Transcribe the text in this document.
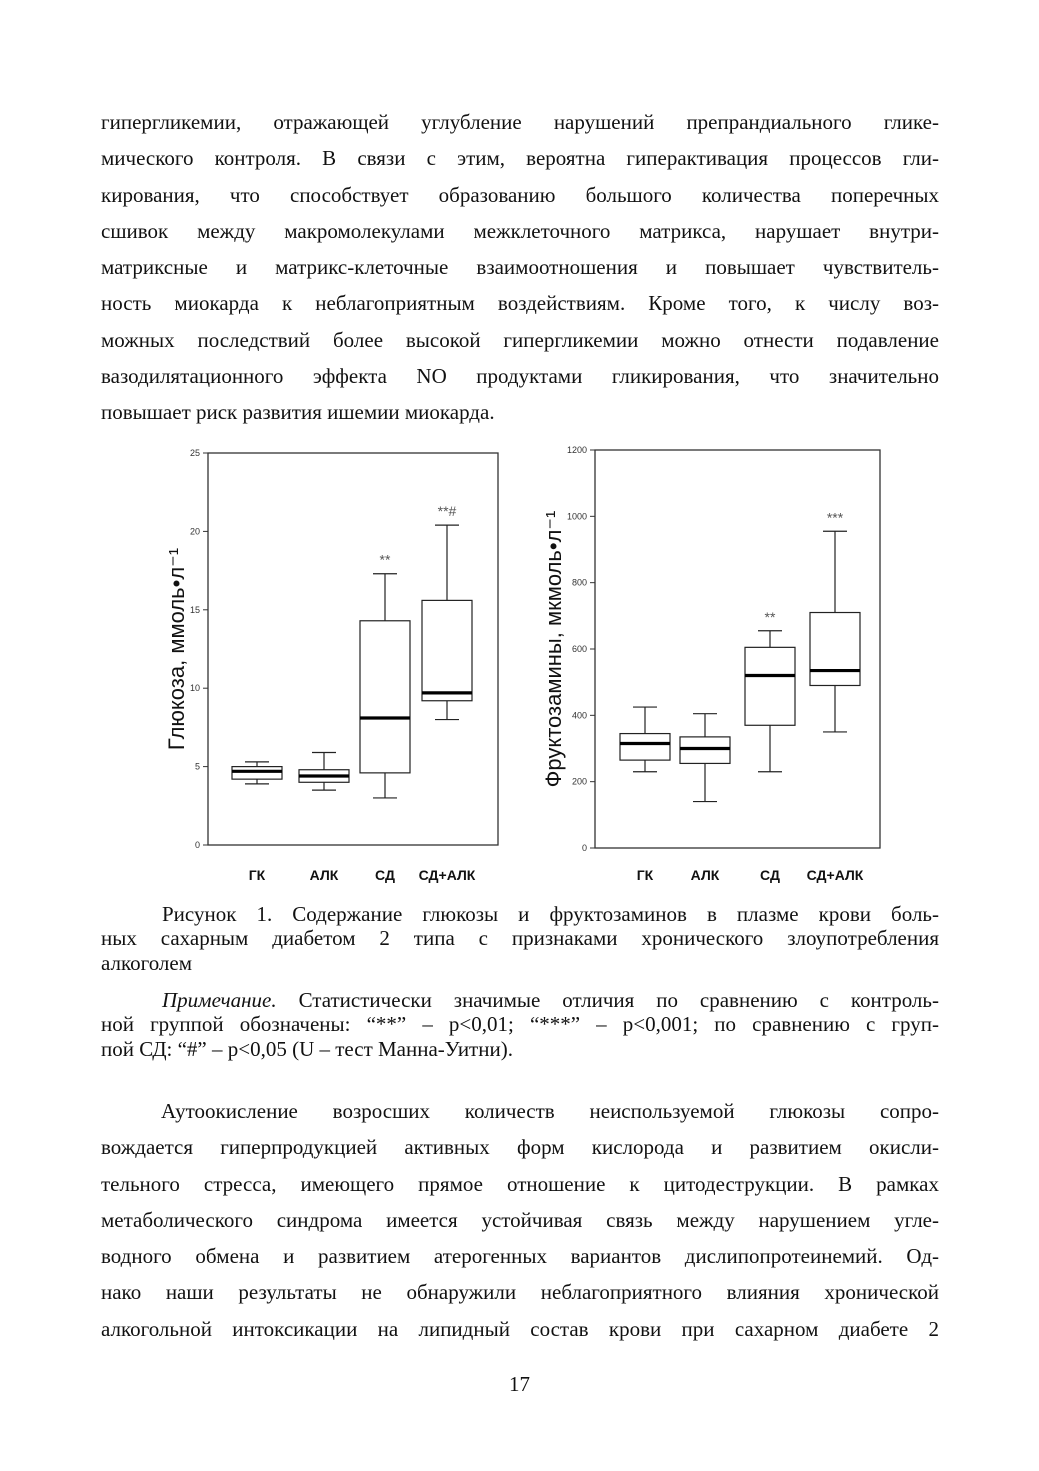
гипергликемии, отражающей углубление нарушений препрандиального глике-
мического контроля. В связи с этим, вероятна гиперактивация процессов гли-
кирования, что способствует образованию большого количества поперечных
сшивок между макромолекулами межклеточного матрикса, нарушает внутри-
матриксные и матрикс-клеточные взаимоотношения и повышает чувствитель-
ность миокарда к неблагоприятным воздействиям. Кроме того, к числу воз-
можных последствий более высокой гипергликемии можно отнести подавление
вазодилятационного эффекта NO продуктами гликирования, что значительно
повышает риск развития ишемии миокарда.
0
5
10
15
20
25
Глюкоза, ммоль•л⁻¹
ГК	АЛК
**
СД
**#
СД+АЛК
0
200
400
600
800
1000
1200
Фруктозамины, мкмоль•л⁻¹
ГК	АЛК
**
СД
***
СД+АЛК
Рисунок 1. Содержание глюкозы и фруктозаминов в плазме крови боль-
ных сахарным диабетом 2 типа с признаками хронического злоупотребления
алкоголем
Примечание. Статистически значимые отличия по сравнению с контроль-
ной группой обозначены: “**” – p<0,01; “***” – p<0,001; по сравнению с груп-
пой СД: “#” – p<0,05 (U – тест Манна-Уитни).
Аутоокисление возросших количеств неиспользуемой глюкозы сопро-
вождается гиперпродукцией активных форм кислорода и развитием окисли-
тельного стресса, имеющего прямое отношение к цитодеструкции. В рамках
метаболического синдрома имеется устойчивая связь между нарушением угле-
водного обмена и развитием атерогенных вариантов дислипопротеинемий. Од-
нако наши результаты не обнаружили неблагоприятного влияния хронической
алкогольной интоксикации на липидный состав крови при сахарном диабете 2
17
